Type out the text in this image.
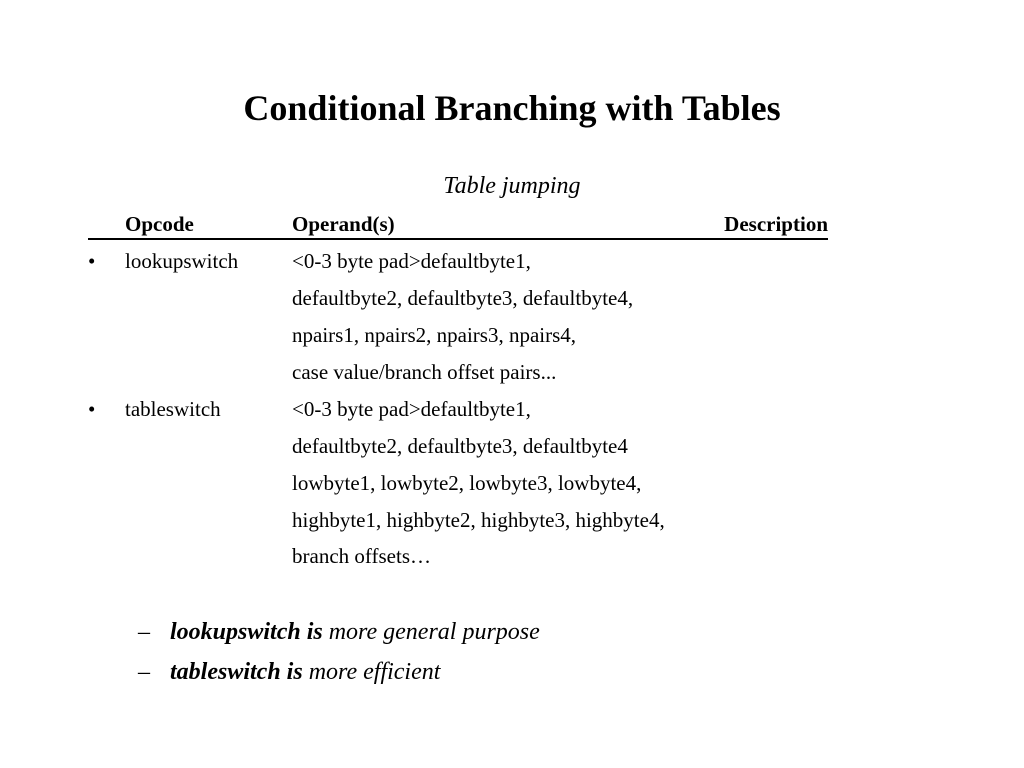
Conditional Branching with Tables
Table jumping
Opcode	Operand(s)	Description
• lookupswitch	<0-3 byte pad>defaultbyte1,
defaultbyte2, defaultbyte3, defaultbyte4,
npairs1, npairs2, npairs3, npairs4,
case value/branch offset pairs...
• tableswitch	<0-3 byte pad>defaultbyte1,
defaultbyte2, defaultbyte3, defaultbyte4
lowbyte1, lowbyte2, lowbyte3, lowbyte4,
highbyte1, highbyte2, highbyte3, highbyte4,
branch offsets…
– lookupswitch is more general purpose
– tableswitch is more efficient
